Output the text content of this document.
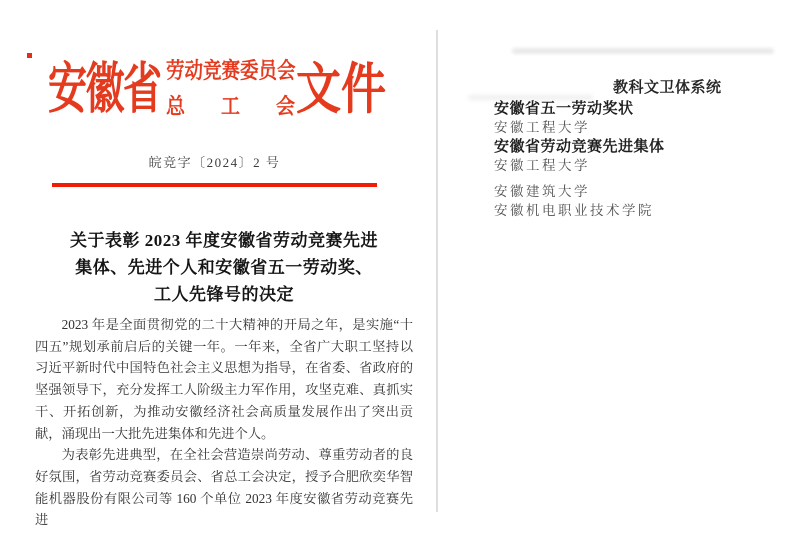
安徽省 劳动竞赛委员会
总工会 文件
皖竞字〔2024〕2 号
关于表彰 2023 年度安徽省劳动竞赛先进
集体、先进个人和安徽省五一劳动奖、
工人先锋号的决定

2023 年是全面贯彻党的二十大精神的开局之年，是实施“十四五”规划承前启后的关键一年。一年来，全省广大职工坚持以习近平新时代中国特色社会主义思想为指导，在省委、省政府的坚强领导下，充分发挥工人阶级主力军作用，攻坚克难、真抓实干、开拓创新，为推动安徽经济社会高质量发展作出了突出贡献，涌现出一大批先进集体和先进个人。

为表彰先进典型，在全社会营造崇尚劳动、尊重劳动者的良好氛围，省劳动竞赛委员会、省总工会决定，授予合肥欣奕华智能机器股份有限公司等 160 个单位 2023 年度安徽省劳动竞赛先进

教科文卫体系统
安徽省五一劳动奖状
安徽工程大学
安徽省劳动竞赛先进集体
安徽工程大学
安徽建筑大学
安徽机电职业技术学院
